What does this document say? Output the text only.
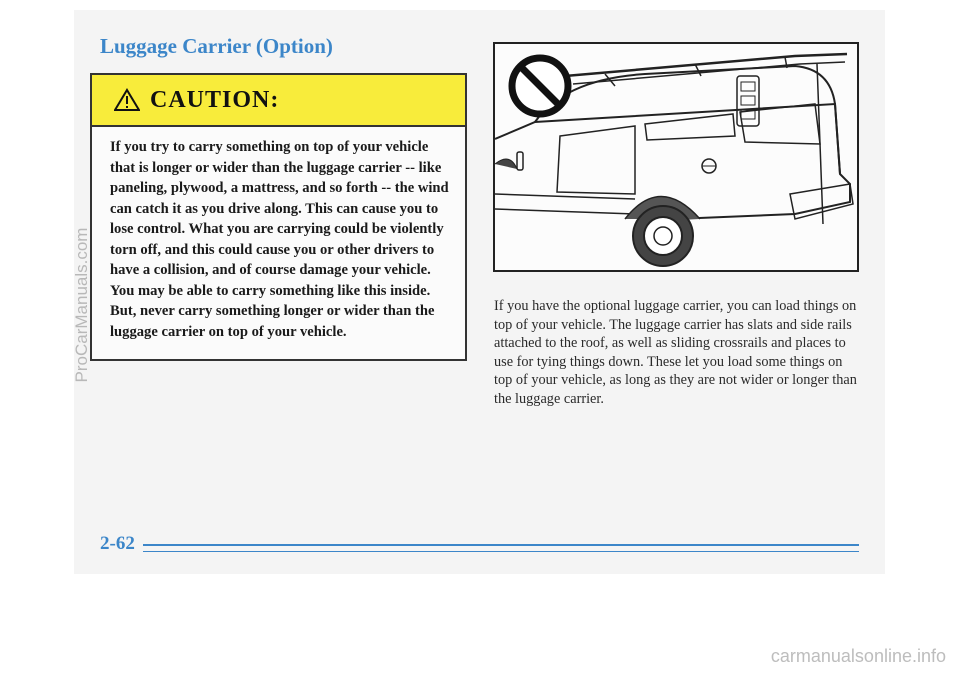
Luggage Carrier (Option)
CAUTION:

If you try to carry something on top of your vehicle that is longer or wider than the luggage carrier -- like paneling, plywood, a mattress, and so forth -- the wind can catch it as you drive along. This can cause you to lose control. What you are carrying could be violently torn off, and this could cause you or other drivers to have a collision, and of course damage your vehicle. You may be able to carry something like this inside. But, never carry something longer or wider than the luggage carrier on top of your vehicle.

If you have the optional luggage carrier, you can load things on top of your vehicle. The luggage carrier has slats and side rails attached to the roof, as well as sliding crossrails and places to use for tying things down. These let you load some things on top of your vehicle, as long as they are not wider or longer than the luggage carrier.

2-62
ProCarManuals.com
carmanualsonline.info
